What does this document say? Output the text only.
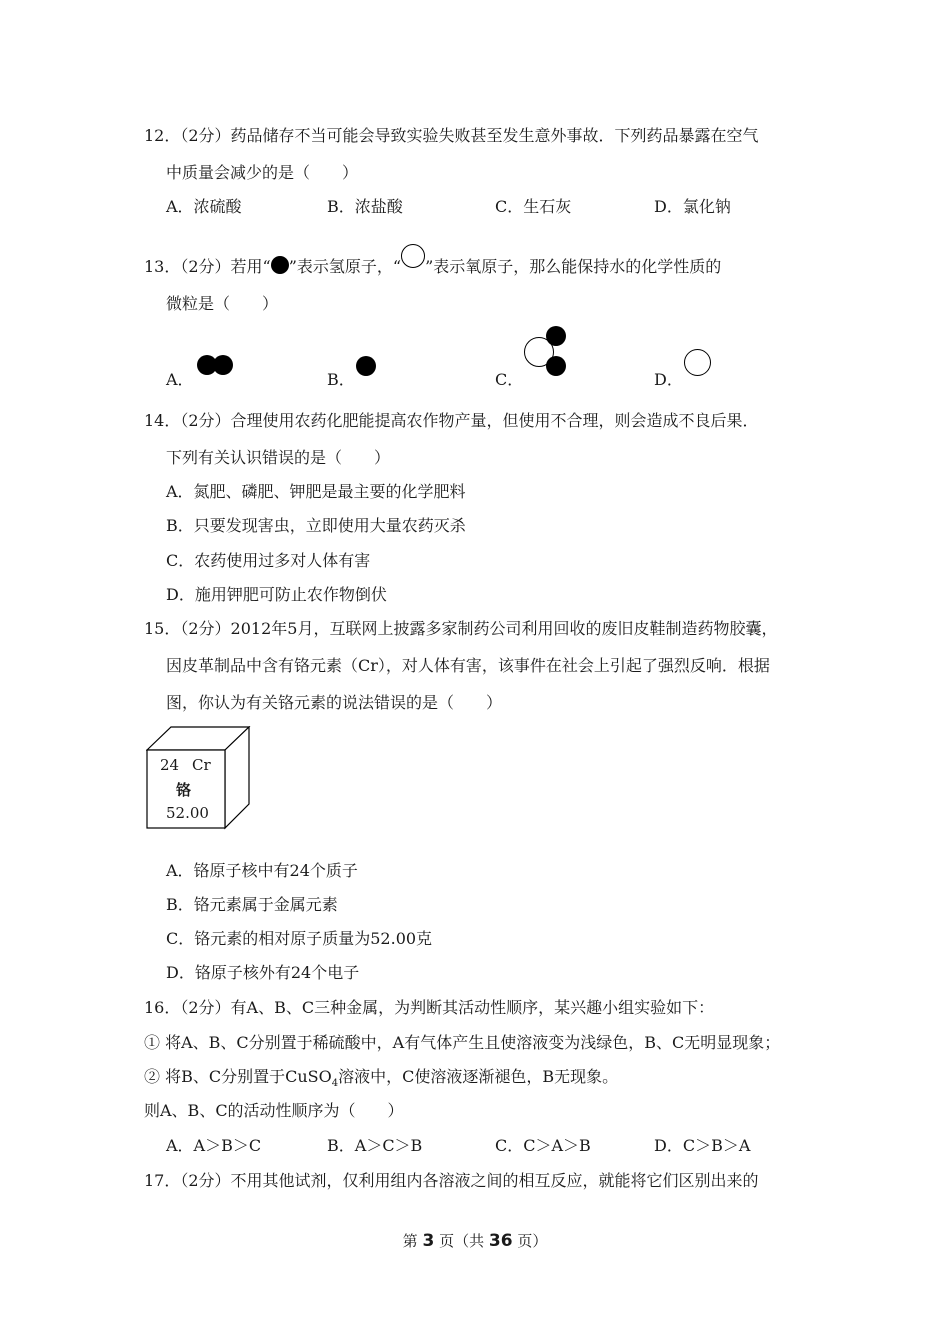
12．（2分）药品储存不当可能会导致实验失败甚至发生意外事故．下列药品暴露在空气
中质量会减少的是（　　）
A．浓硫酸	B．浓盐酸	C．生石灰	D．氯化钠
13．（2分）若用“ ”表示氢原子，“ ”表示氧原子，那么能保持水的化学性质的
微粒是（　　）
A．	B．	C．	D．
14．（2分）合理使用农药化肥能提高农作物产量，但使用不合理，则会造成不良后果．
下列有关认识错误的是（　　）
A．氮肥、磷肥、钾肥是最主要的化学肥料
B．只要发现害虫，立即使用大量农药灭杀
C．农药使用过多对人体有害
D．施用钾肥可防止农作物倒伏
15．（2分）2012年5月，互联网上披露多家制药公司利用回收的废旧皮鞋制造药物胶囊，
因皮革制品中含有铬元素（Cr），对人体有害，该事件在社会上引起了强烈反响．根据
图，你认为有关铬元素的说法错误的是（　　）
24 Cr
铬
52.00
A．铬原子核中有24个质子
B．铬元素属于金属元素
C．铬元素的相对原子质量为52.00克
D．铬原子核外有24个电子
16．（2分）有A、B、C三种金属，为判断其活动性顺序，某兴趣小组实验如下：
① 将A、B、C分别置于稀硫酸中，A有气体产生且使溶液变为浅绿色，B、C无明显现象；
② 将B、C分别置于CuSO$_4$溶液中，C使溶液逐渐褪色，B无现象。
则A、B、C的活动性顺序为（　　）
A．A＞B＞C	B．A＞C＞B	C．C＞A＞B	D．C＞B＞A
17．（2分）不用其他试剂，仅利用组内各溶液之间的相互反应，就能将它们区别出来的
第 3 页（共 36 页）
